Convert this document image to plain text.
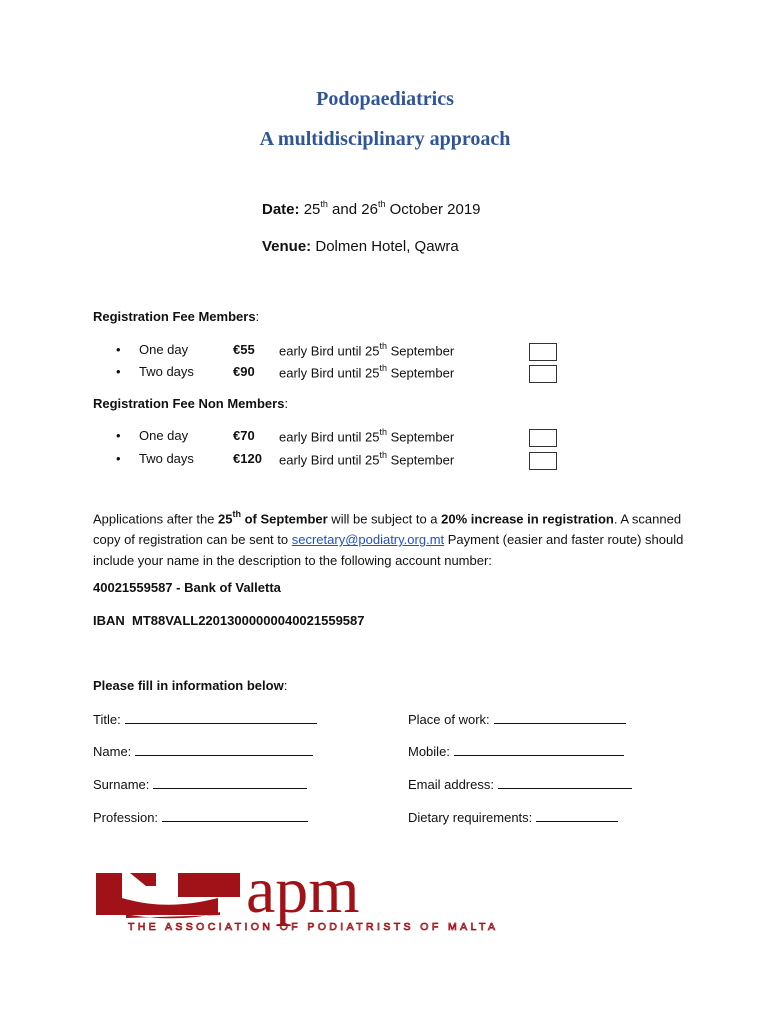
Podopaediatrics
A multidisciplinary approach
Date: 25th and 26th October 2019
Venue: Dolmen Hotel, Qawra
Registration Fee Members:
• One day	€55 early Bird until 25th September
• Two days	€90 early Bird until 25th September
Registration Fee Non Members:
• One day	€70 early Bird until 25th September
• Two days	€120 early Bird until 25th September
Applications after the 25th of September will be subject to a 20% increase in registration. A scanned copy of registration can be sent to secretary@podiatry.org.mt Payment (easier and faster route) should include your name in the description to the following account number:
40021559587 - Bank of Valletta
IBAN  MT88VALL22013000000040021559587
Please fill in information below:
Title:
Name:
Surname:
Profession:
Place of work:
Mobile:
Email address:
Dietary requirements:
apm
THE ASSOCIATION OF PODIATRISTS OF MALTA
